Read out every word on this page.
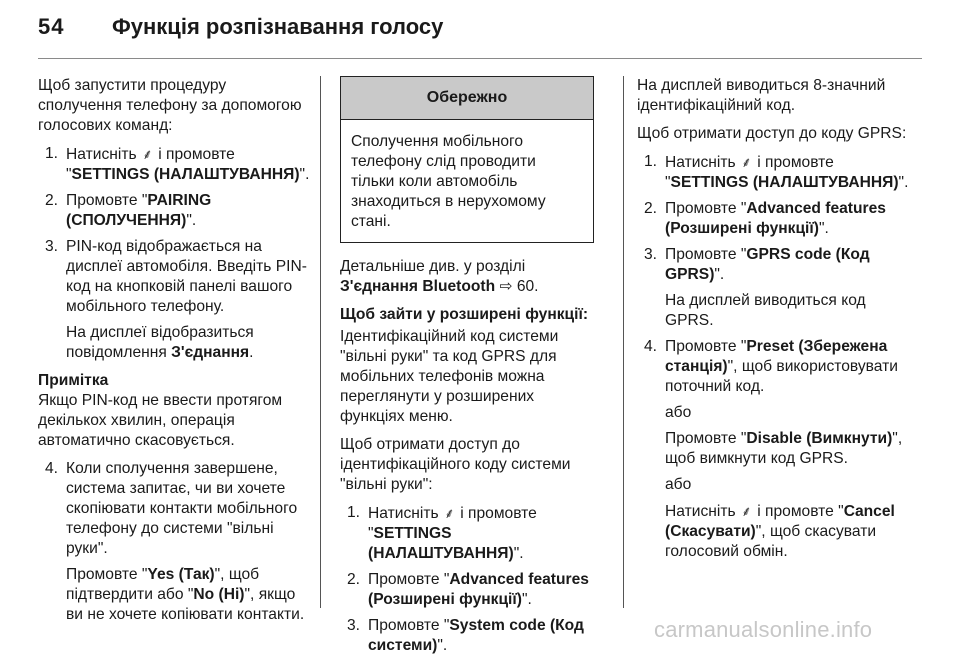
54 Функція розпізнавання голосу

Щоб запустити процедуру сполучення телефону за допомогою голосових команд:

1. Натисніть ⸙ і промовте "SETTINGS (НАЛАШТУВАННЯ)".
2. Промовте "PAIRING (СПОЛУЧЕННЯ)".
3. PIN-код відображається на дисплеї автомобіля. Введіть PIN-код на кнопковій панелі вашого мобільного телефону.
На дисплеї відобразиться повідомлення З'єднання.
Примітка
Якщо PIN-код не ввести протягом декількох хвилин, операція автоматично скасовується.
4. Коли сполучення завершене, система запитає, чи ви хочете скопіювати контакти мобільного телефону до системи "вільні руки".
Промовте "Yes (Так)", щоб підтвердити або "No (Ні)", якщо ви не хочете копіювати контакти.
Обережно
Сполучення мобільного телефону слід проводити тільки коли автомобіль знаходиться в нерухомому стані.

Детальніше див. у розділі
З'єднання Bluetooth ⇨ 60.

Щоб зайти у розширені функції:

Ідентифікаційний код системи "вільні руки" та код GPRS для мобільних телефонів можна переглянути у розширених функціях меню.

Щоб отримати доступ до ідентифікаційного коду системи "вільні руки":

1. Натисніть ⸙ і промовте "SETTINGS (НАЛАШТУВАННЯ)".
2. Промовте "Advanced features (Розширені функції)".
3. Промовте "System code (Код системи)".

На дисплей виводиться 8-значний ідентифікаційний код.

Щоб отримати доступ до коду GPRS:

1. Натисніть ⸙ і промовте "SETTINGS (НАЛАШТУВАННЯ)".
2. Промовте "Advanced features (Розширені функції)".
3. Промовте "GPRS code (Код GPRS)".
На дисплей виводиться код GPRS.
4. Промовте "Preset (Збережена станція)", щоб використовувати поточний код.
або
Промовте "Disable (Вимкнути)", щоб вимкнути код GPRS.
або
Натисніть ⸙ і промовте "Cancel (Скасувати)", щоб скасувати голосовий обмін.
carmanualsonline.info
